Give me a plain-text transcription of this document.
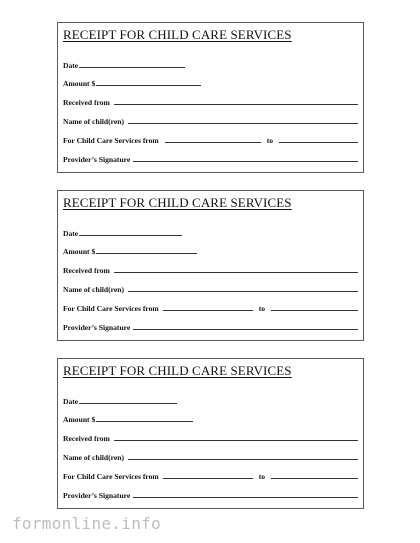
RECEIPT FOR CHILD CARE SERVICES
Date
Amount $
Received from
Name of child(ren)
For Child Care Services from	to
Provider’s Signature
RECEIPT FOR CHILD CARE SERVICES
Date
Amount $
Received from
Name of child(ren)
For Child Care Services from	to
Provider’s Signature
RECEIPT FOR CHILD CARE SERVICES
Date
Amount $
Received from
Name of child(ren)
For Child Care Services from	to
Provider’s Signature
formonline.info
